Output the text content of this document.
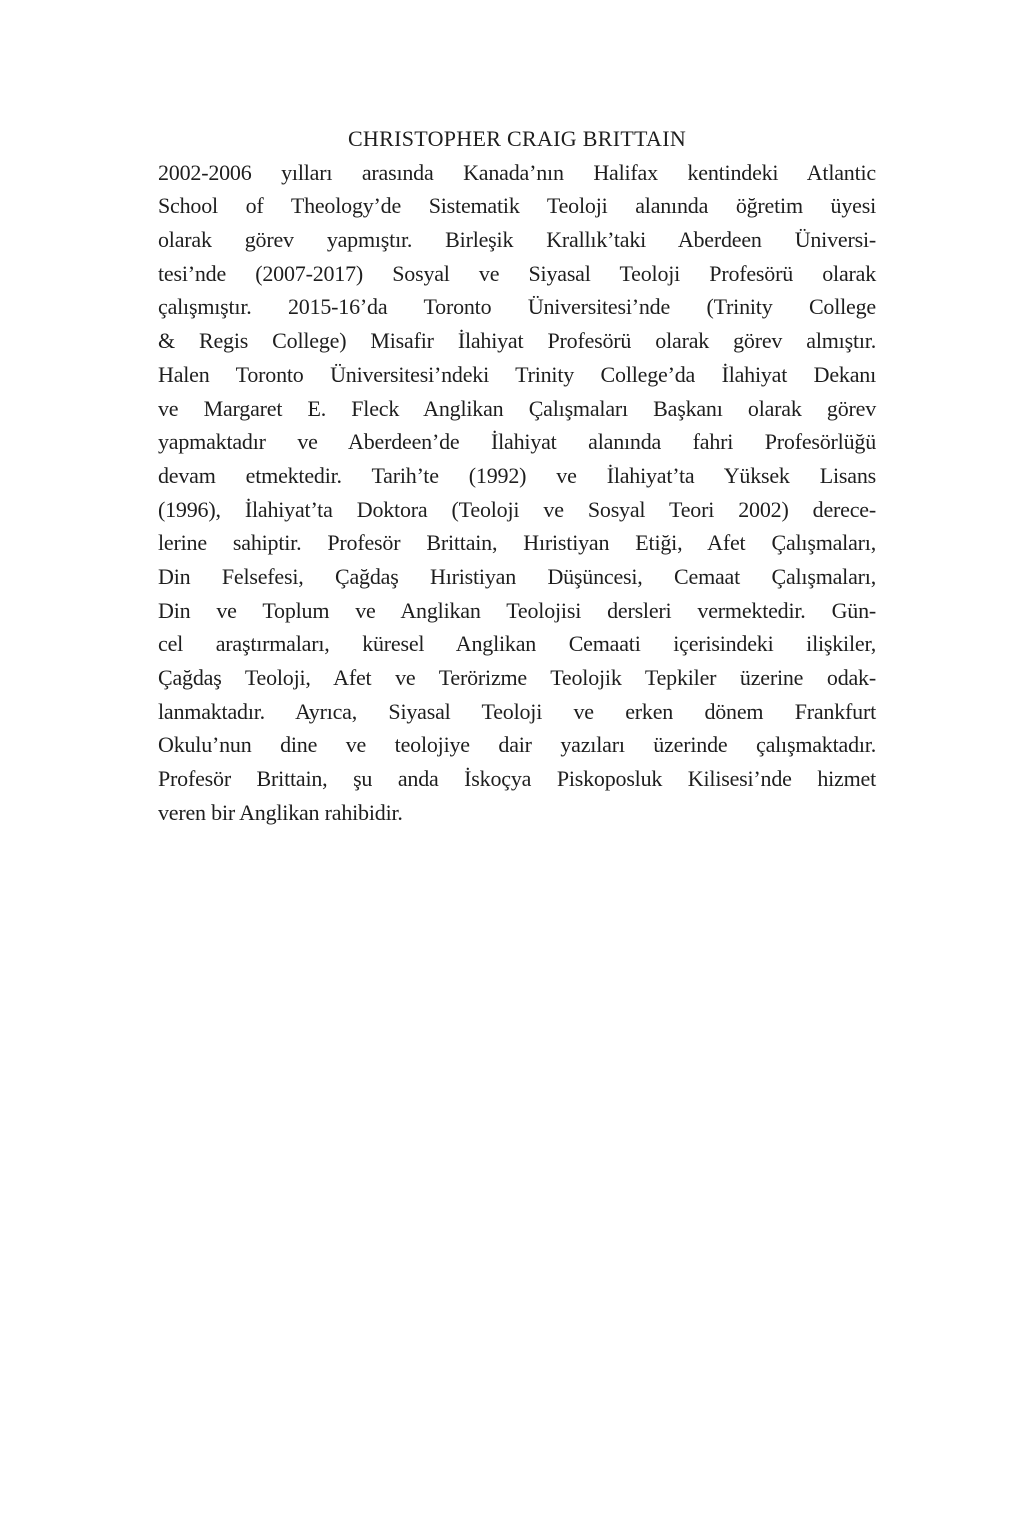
CHRISTOPHER CRAIG BRITTAIN
2002-2006 yılları arasında Kanada’nın Halifax kentindeki Atlantic
School of Theology’de Sistematik Teoloji alanında öğretim üyesi
olarak görev yapmıştır. Birleşik Krallık’taki Aberdeen Üniversi-
tesi’nde (2007-2017) Sosyal ve Siyasal Teoloji Profesörü olarak
çalışmıştır. 2015-16’da Toronto Üniversitesi’nde (Trinity College
& Regis College) Misafir İlahiyat Profesörü olarak görev almıştır.
Halen Toronto Üniversitesi’ndeki Trinity College’da İlahiyat Dekanı
ve Margaret E. Fleck Anglikan Çalışmaları Başkanı olarak görev
yapmaktadır ve Aberdeen’de İlahiyat alanında fahri Profesörlüğü
devam etmektedir. Tarih’te (1992) ve İlahiyat’ta Yüksek Lisans
(1996), İlahiyat’ta Doktora (Teoloji ve Sosyal Teori 2002) derece-
lerine sahiptir. Profesör Brittain, Hıristiyan Etiği, Afet Çalışmaları,
Din Felsefesi, Çağdaş Hıristiyan Düşüncesi, Cemaat Çalışmaları,
Din ve Toplum ve Anglikan Teolojisi dersleri vermektedir. Gün-
cel araştırmaları, küresel Anglikan Cemaati içerisindeki ilişkiler,
Çağdaş Teoloji, Afet ve Terörizme Teolojik Tepkiler üzerine odak-
lanmaktadır. Ayrıca, Siyasal Teoloji ve erken dönem Frankfurt
Okulu’nun dine ve teolojiye dair yazıları üzerinde çalışmaktadır.
Profesör Brittain, şu anda İskoçya Piskoposluk Kilisesi’nde hizmet
veren bir Anglikan rahibidir.
